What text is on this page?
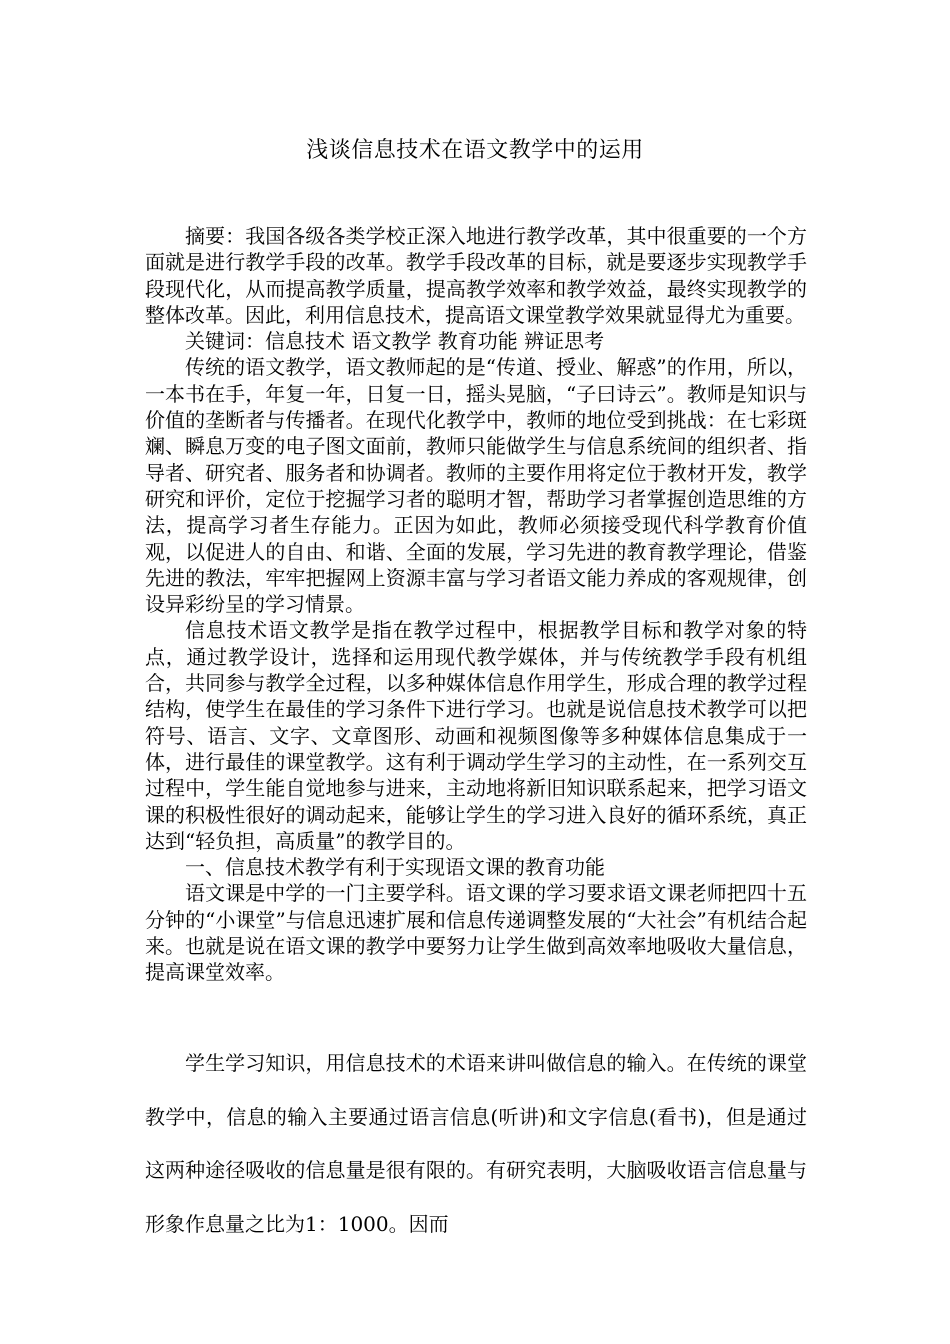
浅谈信息技术在语文教学中的运用

摘要：我国各级各类学校正深入地进行教学改革，其中很重要的一个方面就是进行教学手段的改革。教学手段改革的目标，就是要逐步实现教学手段现代化，从而提高教学质量，提高教学效率和教学效益，最终实现教学的整体改革。因此，利用信息技术，提高语文课堂教学效果就显得尤为重要。

关键词：信息技术 语文教学 教育功能 辨证思考

传统的语文教学，语文教师起的是“传道、授业、解惑”的作用，所以，一本书在手，年复一年，日复一日，摇头晃脑，“子曰诗云”。教师是知识与价值的垄断者与传播者。在现代化教学中，教师的地位受到挑战：在七彩斑斓、瞬息万变的电子图文面前，教师只能做学生与信息系统间的组织者、指导者、研究者、服务者和协调者。教师的主要作用将定位于教材开发，教学研究和评价，定位于挖掘学习者的聪明才智，帮助学习者掌握创造思维的方法，提高学习者生存能力。正因为如此，教师必须接受现代科学教育价值观，以促进人的自由、和谐、全面的发展，学习先进的教育教学理论，借鉴先进的教法，牢牢把握网上资源丰富与学习者语文能力养成的客观规律，创设异彩纷呈的学习情景。

信息技术语文教学是指在教学过程中，根据教学目标和教学对象的特点，通过教学设计，选择和运用现代教学媒体，并与传统教学手段有机组合，共同参与教学全过程，以多种媒体信息作用学生，形成合理的教学过程结构，使学生在最佳的学习条件下进行学习。也就是说信息技术教学可以把符号、语言、文字、文章图形、动画和视频图像等多种媒体信息集成于一体，进行最佳的课堂教学。这有利于调动学生学习的主动性，在一系列交互过程中，学生能自觉地参与进来，主动地将新旧知识联系起来，把学习语文课的积极性很好的调动起来，能够让学生的学习进入良好的循环系统，真正达到“轻负担，高质量”的教学目的。

一、信息技术教学有利于实现语文课的教育功能

语文课是中学的一门主要学科。语文课的学习要求语文课老师把四十五分钟的“小课堂”与信息迅速扩展和信息传递调整发展的“大社会”有机结合起来。也就是说在语文课的教学中要努力让学生做到高效率地吸收大量信息，提高课堂效率。

学生学习知识，用信息技术的术语来讲叫做信息的输入。在传统的课堂教学中，信息的输入主要通过语言信息(听讲)和文字信息(看书)，但是通过这两种途径吸收的信息量是很有限的。有研究表明，大脑吸收语言信息量与形象作息量之比为1：1000。因而
